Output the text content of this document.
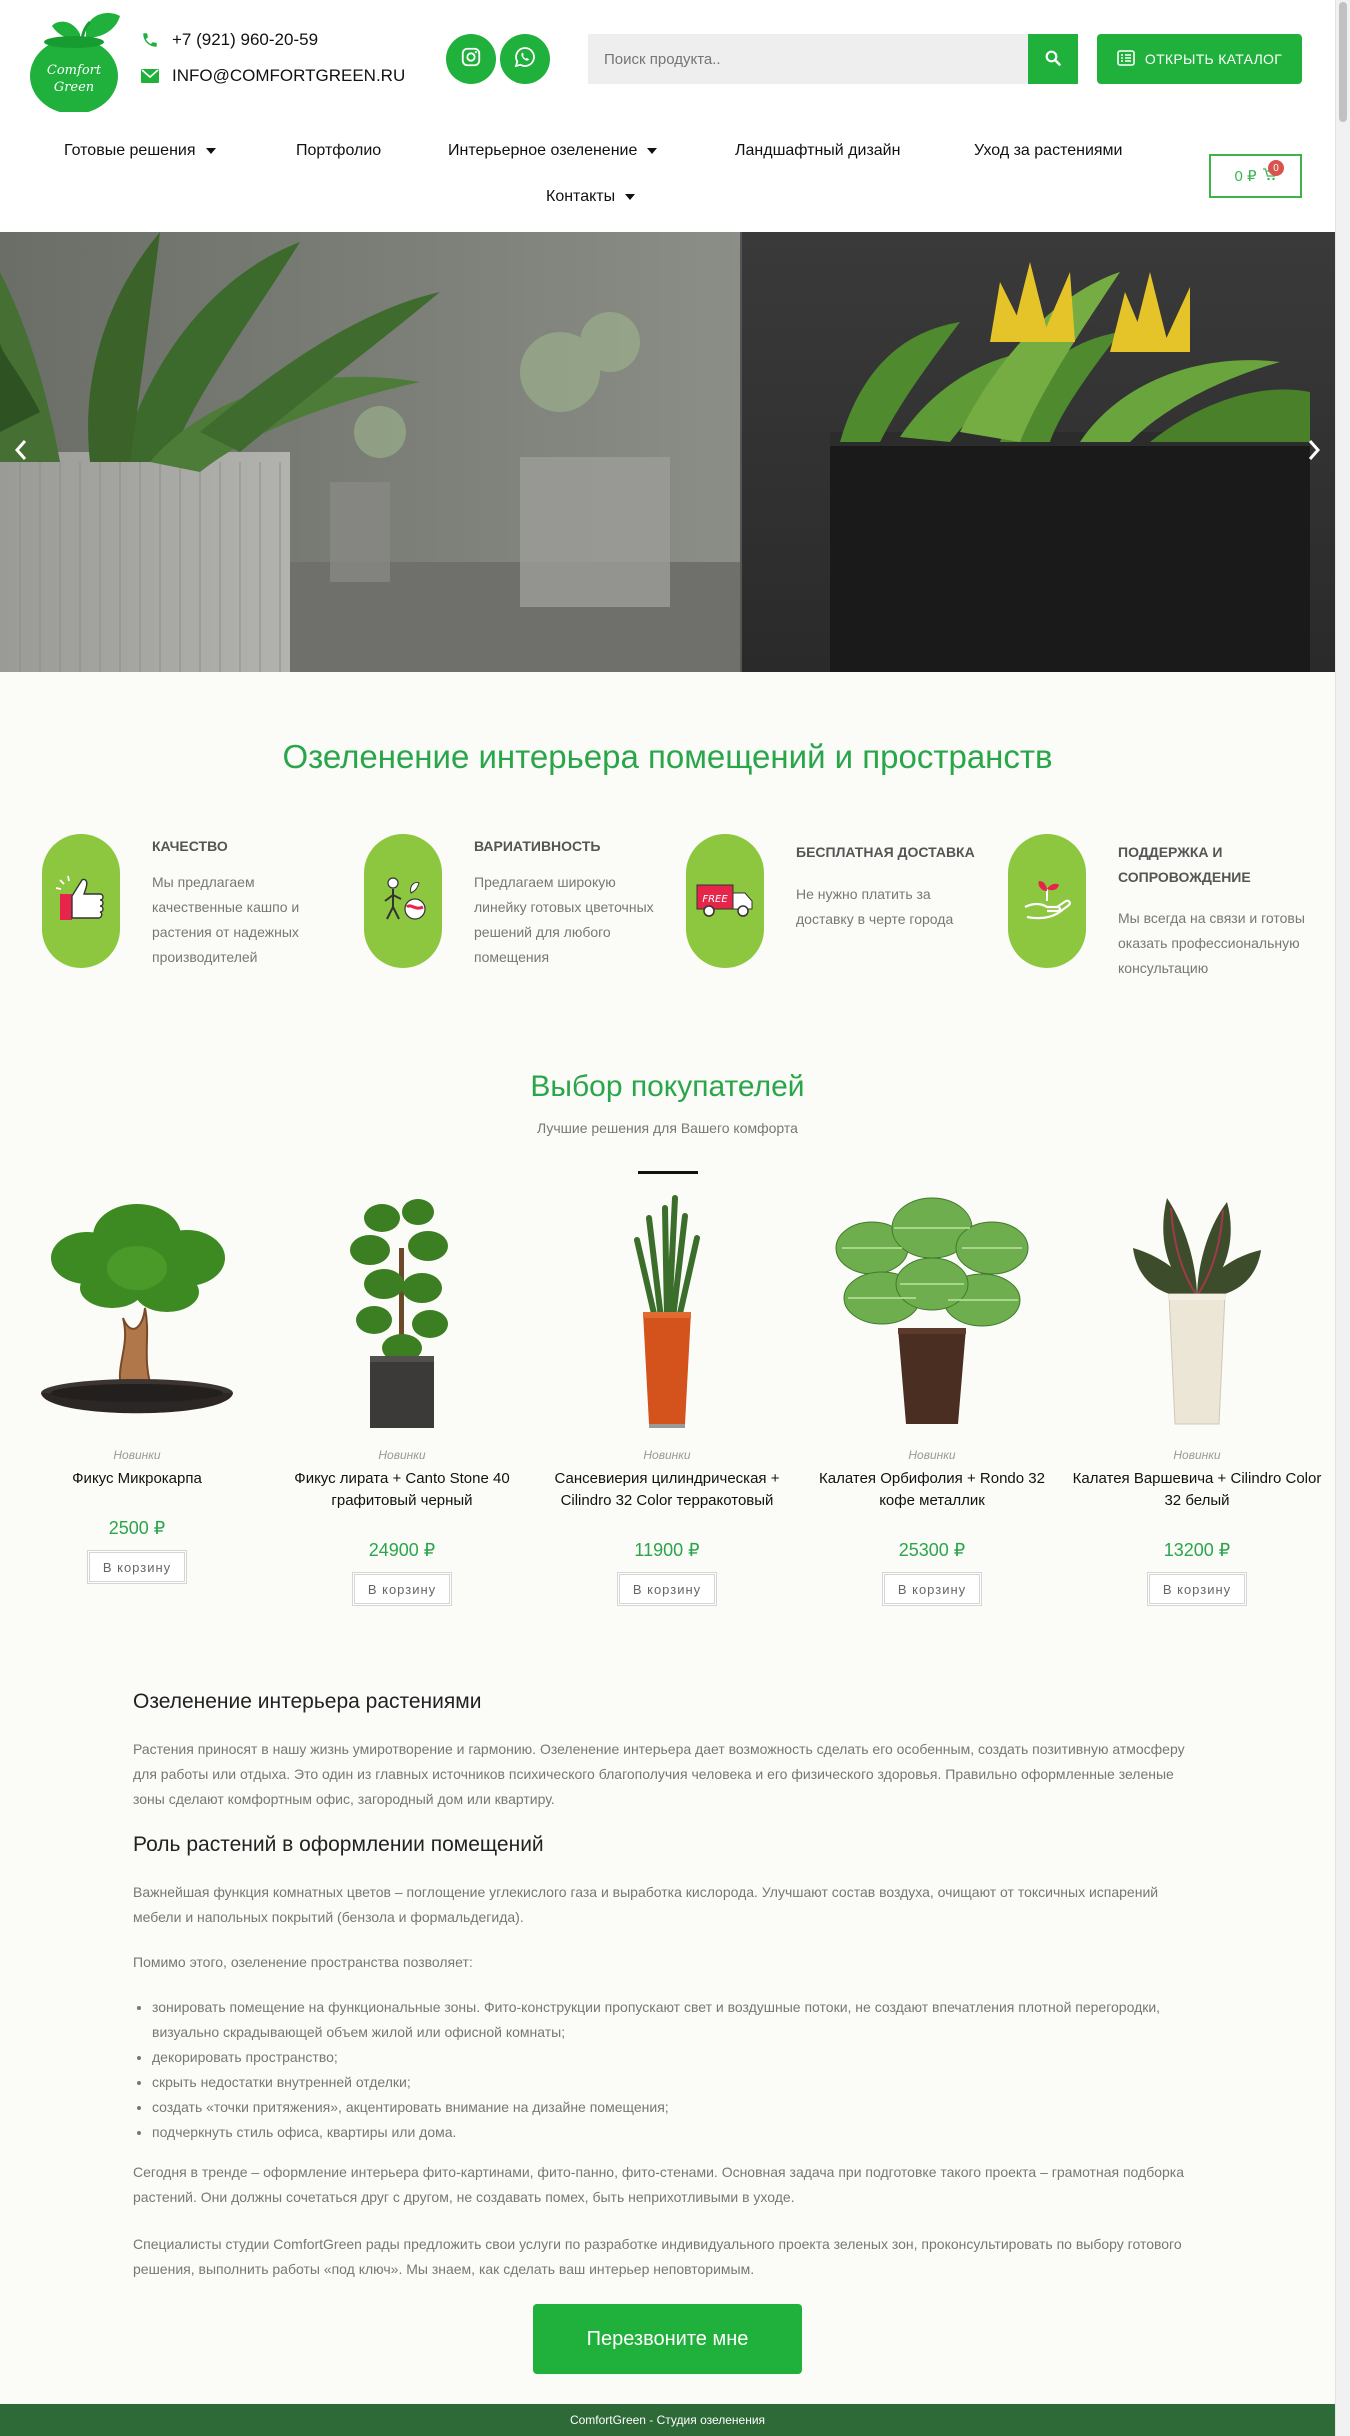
Comfort
Green
+7 (921) 960-20-59
INFO@COMFORTGREEN.RU
Поиск продукта..
ОТКРЫТЬ КАТАЛОГ
Готовые решения	Портфолио	Интерьерное озеленение	Ландшафтный дизайн	Уход за растениями
Контакты
0 ₽	0
Озеленение интерьера помещений и пространств
КАЧЕСТВО
Мы предлагаем качественные кашпо и растения от надежных производителей
ВАРИАТИВНОСТЬ
Предлагаем широкую линейку готовых цветочных решений для любого помещения
FREE
БЕСПЛАТНАЯ ДОСТАВКА
Не нужно платить за доставку в черте города
ПОДДЕРЖКА И СОПРОВОЖДЕНИЕ
Мы всегда на связи и готовы оказать профессиональную консультацию
Выбор покупателей
Лучшие решения для Вашего комфорта
Новинки
Фикус Микрокарпа
2500 ₽
В корзину
Новинки
Фикус лирата + Canto Stone 40 графитовый черный
24900 ₽
В корзину
Новинки
Сансевиерия цилиндрическая + Cilindro 32 Color терракотовый
11900 ₽
В корзину
Новинки
Калатея Орбифолия + Rondo 32 кофе металлик
25300 ₽
В корзину
Новинки
Калатея Варшевича + Cilindro Color 32 белый
13200 ₽
В корзину
Озеленение интерьера растениями

Растения приносят в нашу жизнь умиротворение и гармонию. Озеленение интерьера дает возможность сделать его особенным, создать позитивную атмосферу для работы или отдыха. Это один из главных источников психического благополучия человека и его физического здоровья. Правильно оформленные зеленые зоны сделают комфортным офис, загородный дом или квартиру.

Роль растений в оформлении помещений

Важнейшая функция комнатных цветов – поглощение углекислого газа и выработка кислорода. Улучшают состав воздуха, очищают от токсичных испарений мебели и напольных покрытий (бензола и формальдегида).

Помимо этого, озеленение пространства позволяет:

• зонировать помещение на функциональные зоны. Фито-конструкции пропускают свет и воздушные потоки, не создают впечатления плотной перегородки, визуально скрадывающей объем жилой или офисной комнаты;
• декорировать пространство;
• скрыть недостатки внутренней отделки;
• создать «точки притяжения», акцентировать внимание на дизайне помещения;
• подчеркнуть стиль офиса, квартиры или дома.

Сегодня в тренде – оформление интерьера фито-картинами, фито-панно, фито-стенами. Основная задача при подготовке такого проекта – грамотная подборка растений. Они должны сочетаться друг с другом, не создавать помех, быть неприхотливыми в уходе.

Специалисты студии ComfortGreen рады предложить свои услуги по разработке индивидуального проекта зеленых зон, проконсультировать по выбору готового решения, выполнить работы «под ключ». Мы знаем, как сделать ваш интерьер неповторимым.

Перезвоните мне
ComfortGreen - Студия озеленения
